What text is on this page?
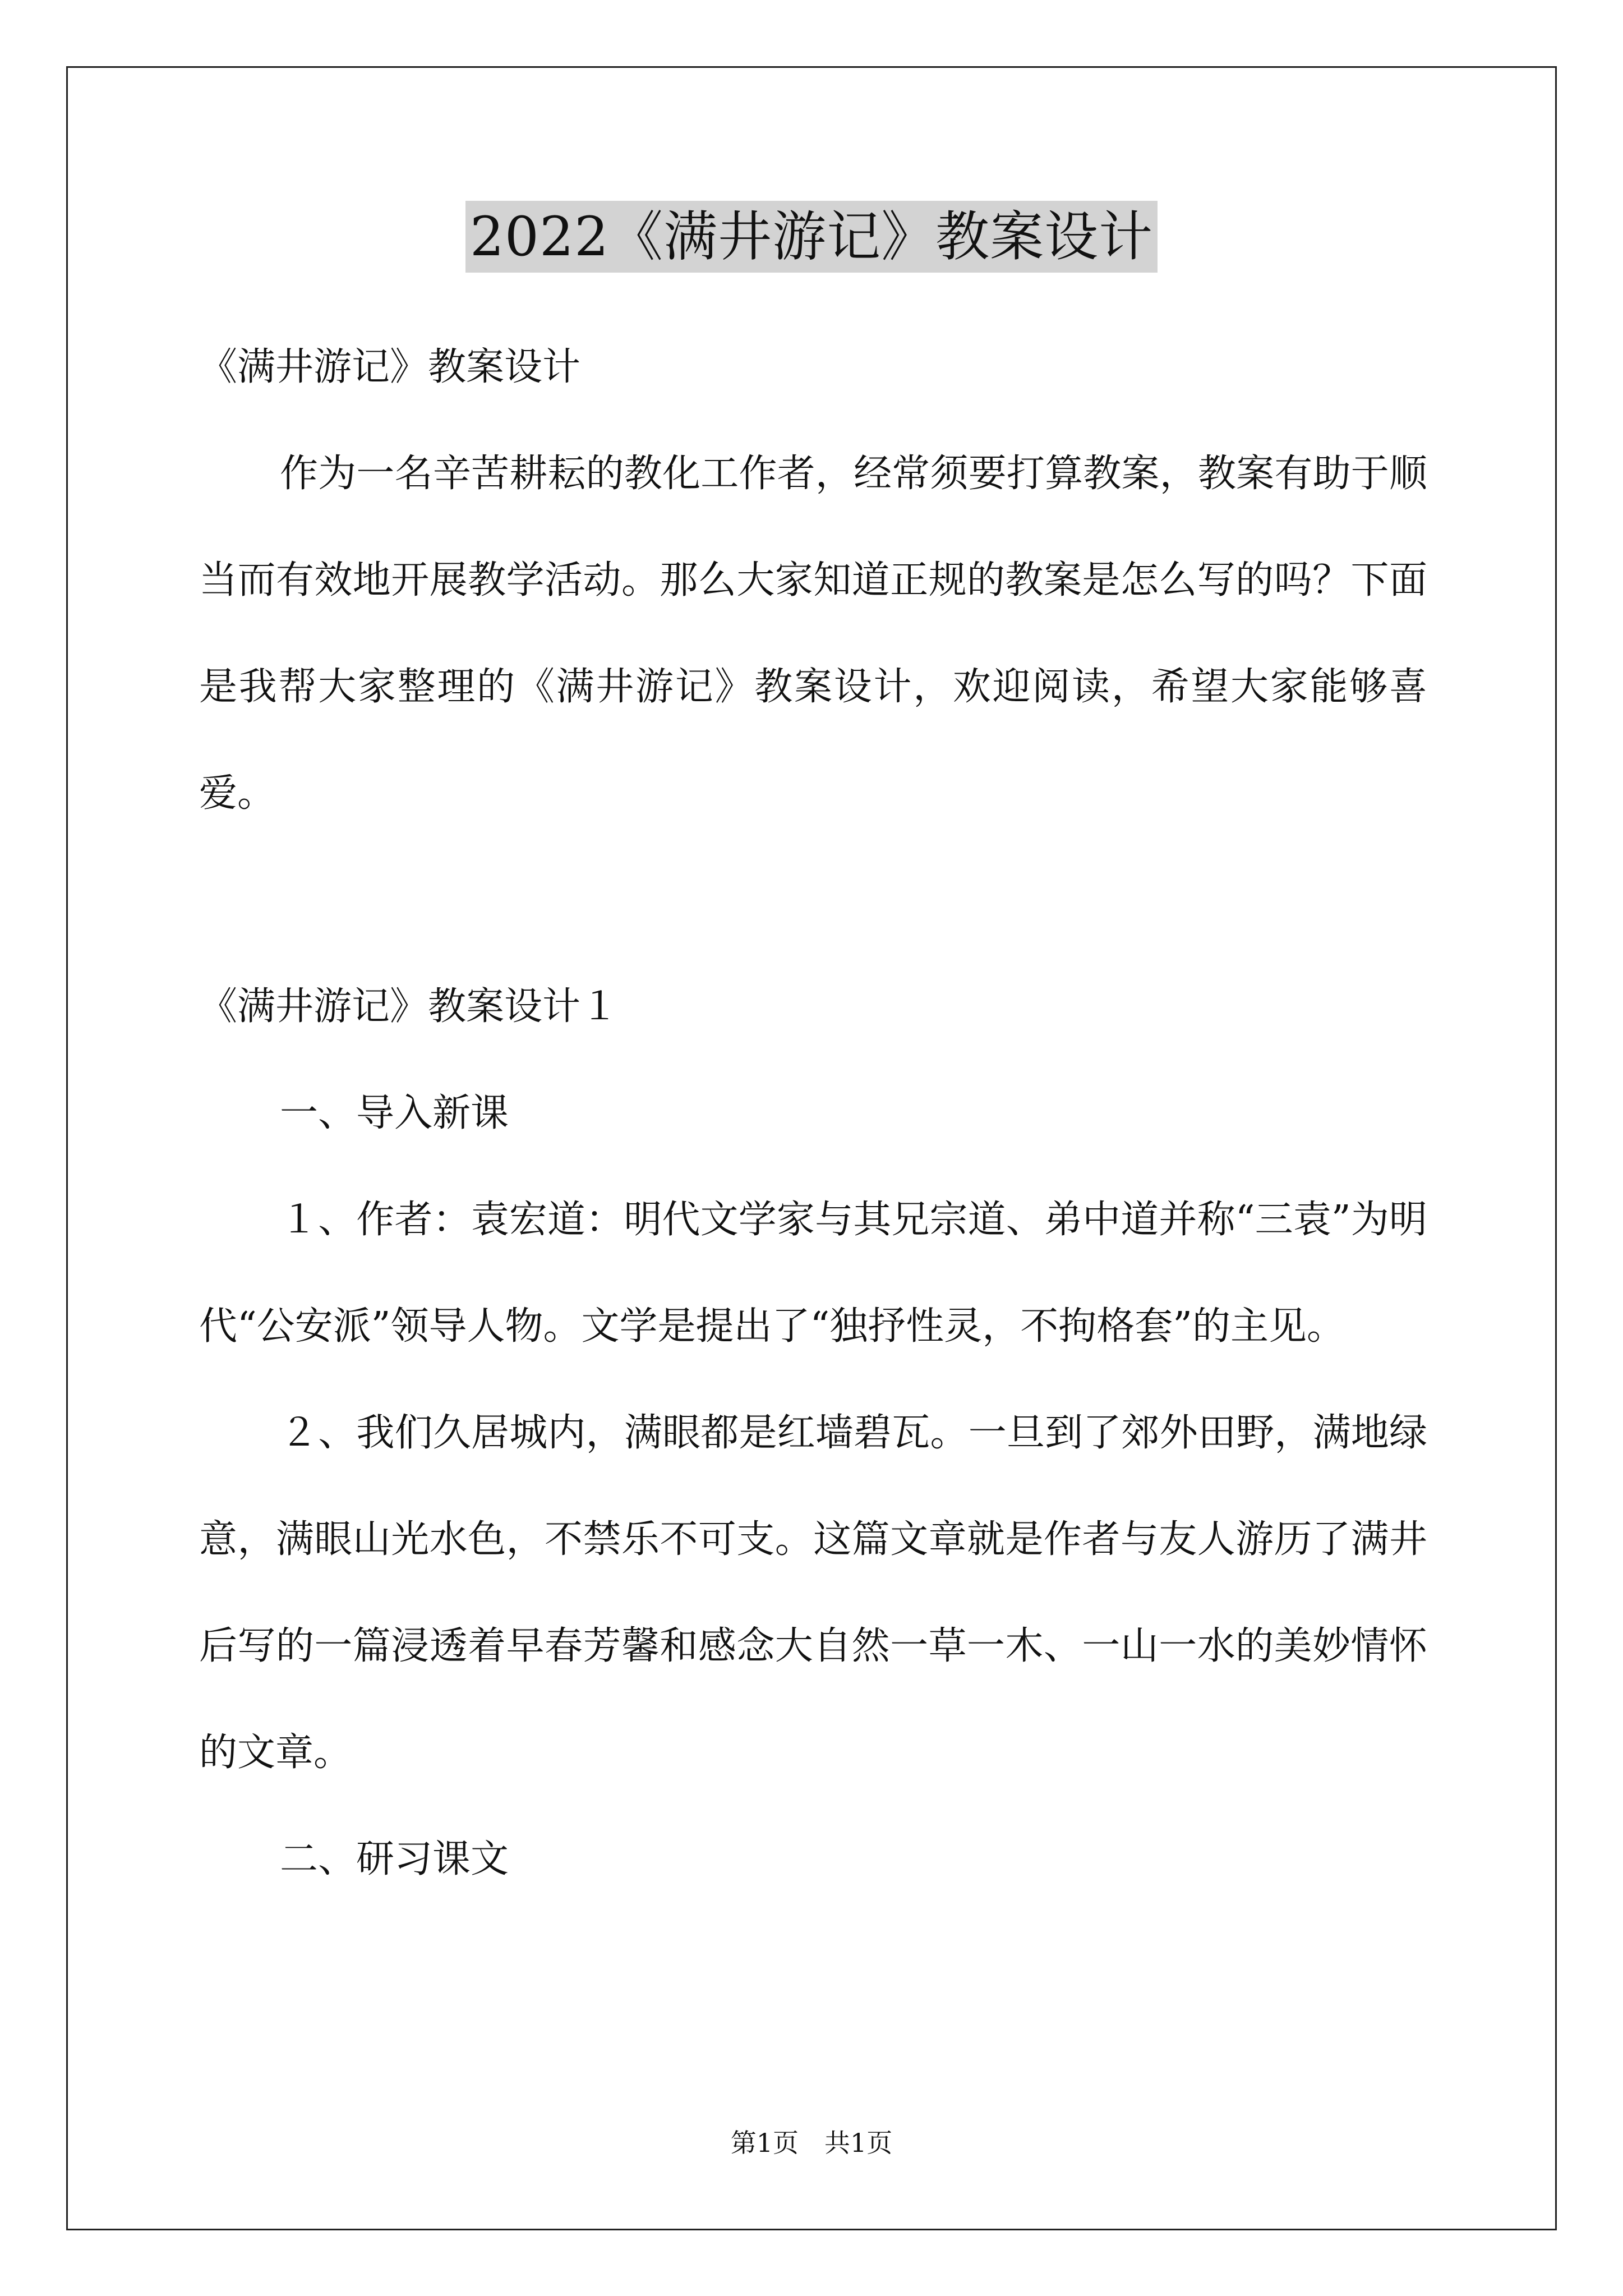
2022《满井游记》教案设计

《满井游记》教案设计

作为一名辛苦耕耘的教化工作者，经常须要打算教案，教案有助于顺当而有效地开展教学活动。那么大家知道正规的教案是怎么写的吗？下面是我帮大家整理的《满井游记》教案设计，欢迎阅读，希望大家能够喜爱。

《满井游记》教案设计１

一、导入新课

１、作者：袁宏道：明代文学家与其兄宗道、弟中道并称“三袁”为明代“公安派”领导人物。文学是提出了“独抒性灵，不拘格套”的主见。

２、我们久居城内，满眼都是红墙碧瓦。一旦到了郊外田野，满地绿意，满眼山光水色，不禁乐不可支。这篇文章就是作者与友人游历了满井后写的一篇浸透着早春芳馨和感念大自然一草一木、一山一水的美妙情怀的文章。

二、研习课文

第1页　共1页
